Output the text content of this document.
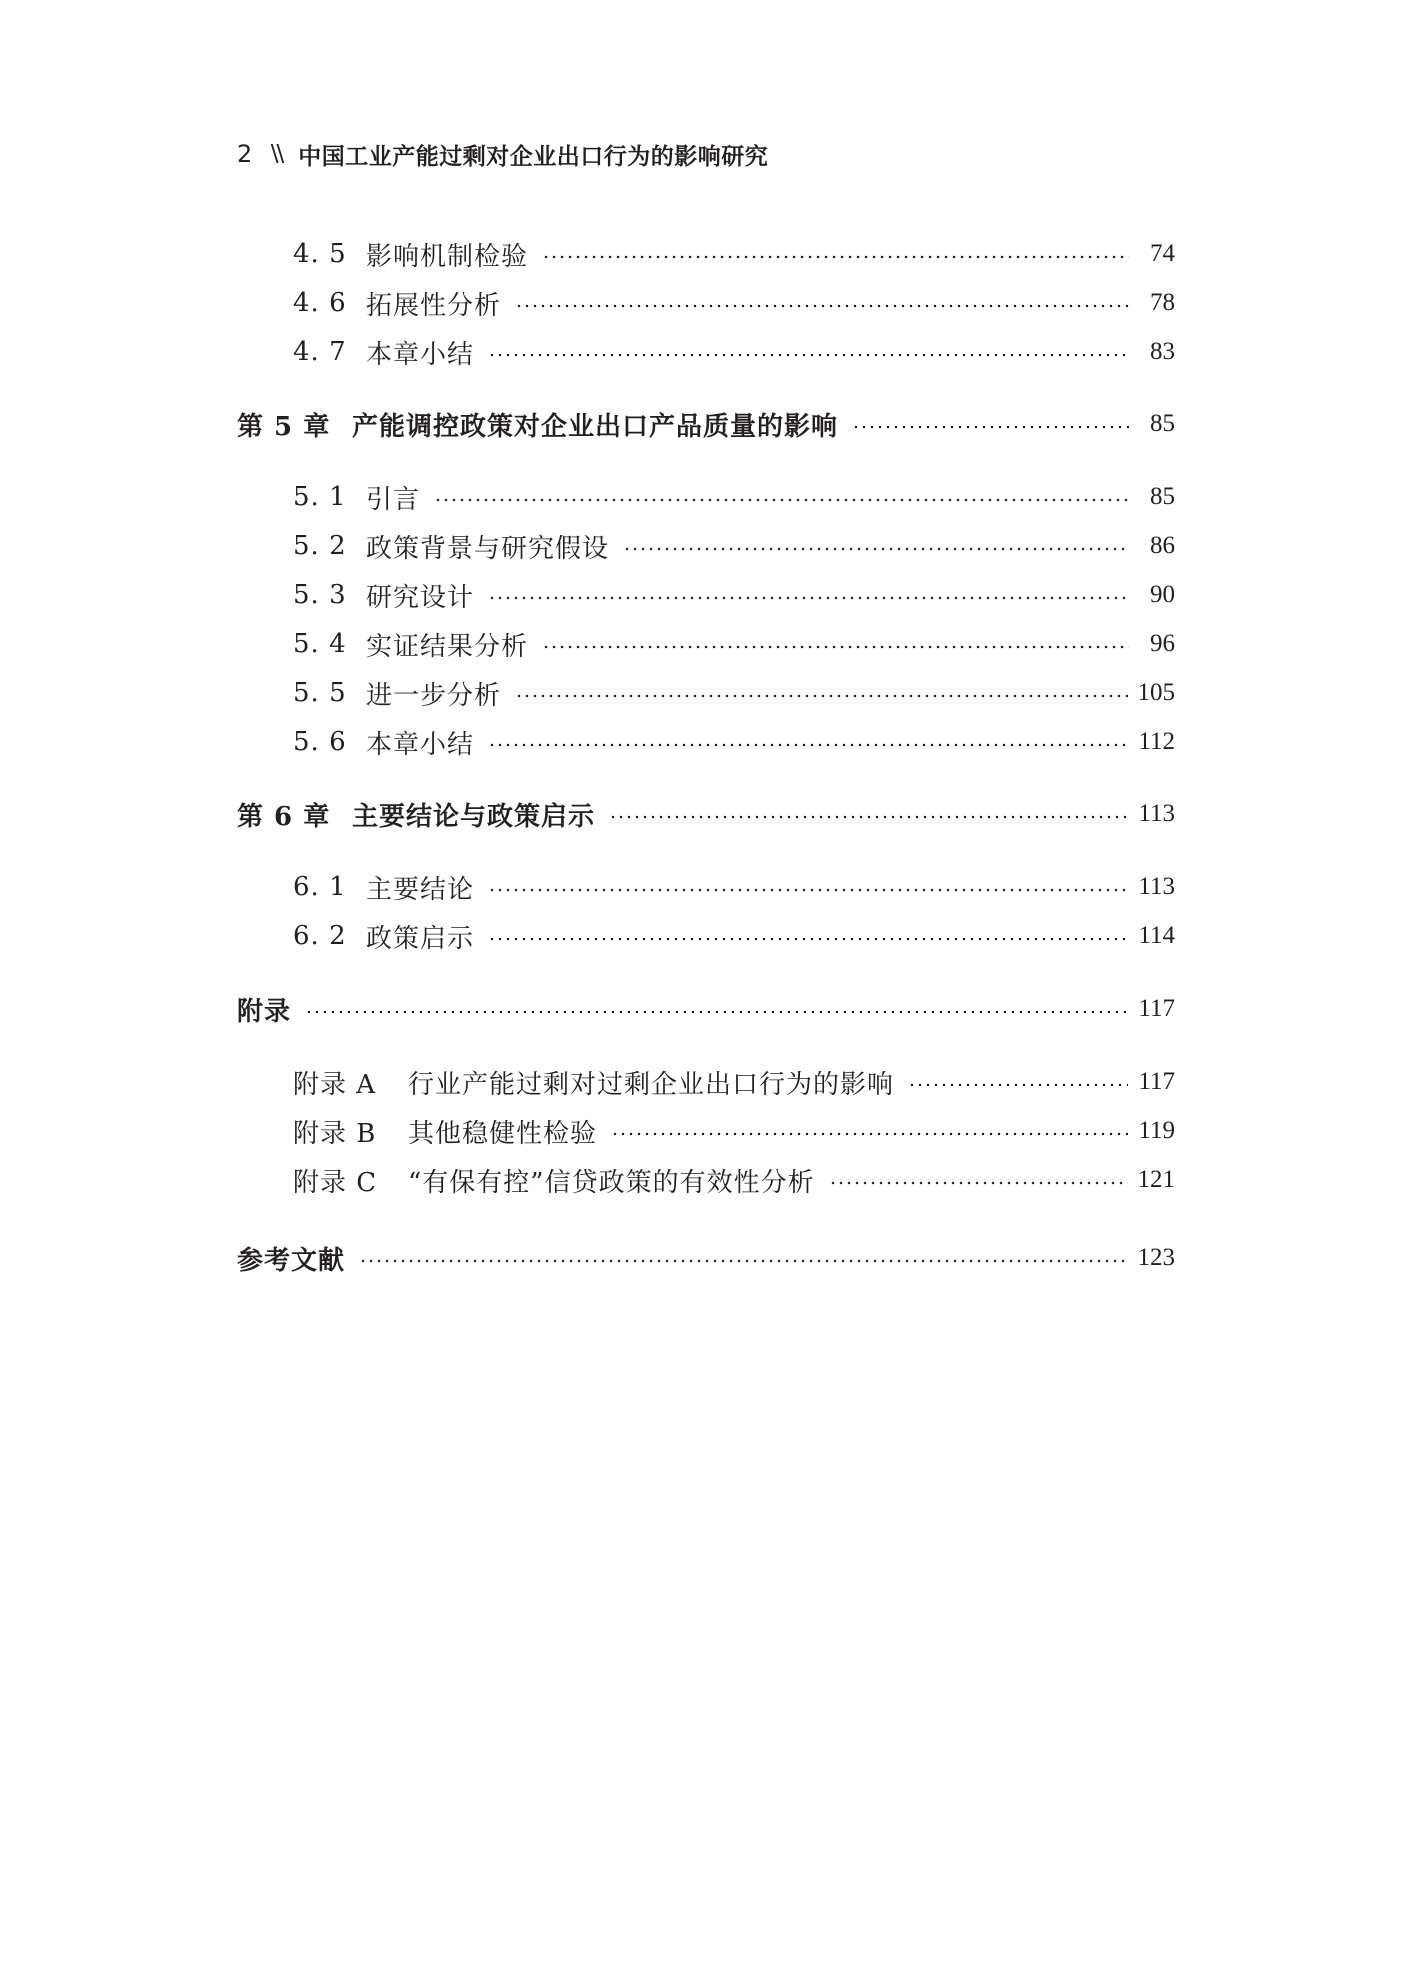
2 \\ 中国工业产能过剩对企业出口行为的影响研究
4. 5 影响机制检验	74
4. 6 拓展性分析	78
4. 7 本章小结	83
第 5 章 产能调控政策对企业出口产品质量的影响	85
5. 1 引言	85
5. 2 政策背景与研究假设	86
5. 3 研究设计	90
5. 4 实证结果分析	96
5. 5 进一步分析	105
5. 6 本章小结	112
第 6 章 主要结论与政策启示	113
6. 1 主要结论	113
6. 2 政策启示	114
附录	117
附录 A	行业产能过剩对过剩企业出口行为的影响	117
附录 B	其他稳健性检验	119
附录 C	“有保有控”信贷政策的有效性分析	121
参考文献	123
